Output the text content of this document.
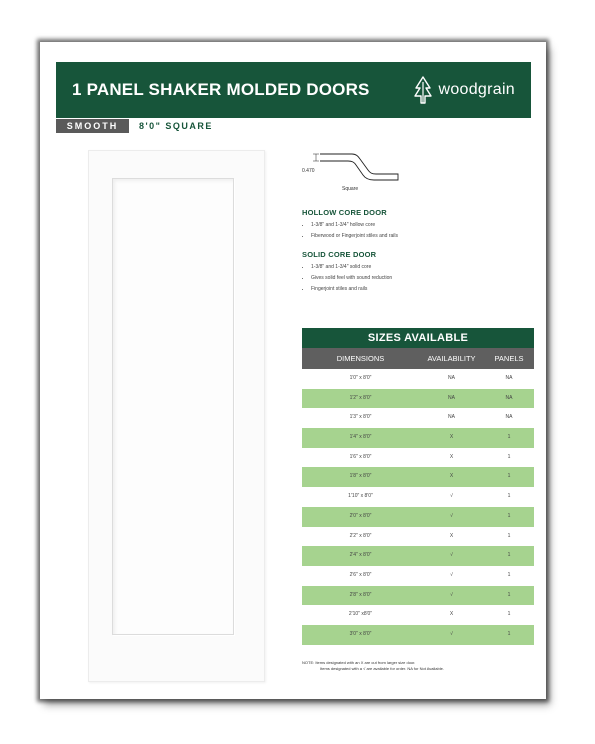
1 PANEL SHAKER MOLDED DOORS	woodgrain
SMOOTH	8'0" SQUARE
0.470
Square
HOLLOW CORE DOOR
• 1-3/8" and 1-3/4" hollow core
• Fiberwood or Fingerjoint stiles and rails
SOLID CORE DOOR
• 1-3/8" and 1-3/4" solid core
• Gives solid feel with sound reduction
• Fingerjoint stiles and rails
SIZES AVAILABLE
DIMENSIONS	AVAILABILITY	PANELS
1'0" x 8'0"	NA	NA
1'2" x 8'0"	NA	NA
1'3" x 8'0"	NA	NA
1'4" x 8'0"	X	1
1'6" x 8'0"	X	1
1'8" x 8'0"	X	1
1'10" x 8'0"	√	1
2'0" x 8'0"	√	1
2'2" x 8'0"	X	1
2'4" x 8'0"	√	1
2'6" x 8'0"	√	1
2'8" x 8'0"	√	1
2'10" x8'0"	X	1
3'0" x 8'0"	√	1
NOTE: Items designated with an X are cut from larger size door.
Items designated with a √ are available for order. NA for Not Available.
